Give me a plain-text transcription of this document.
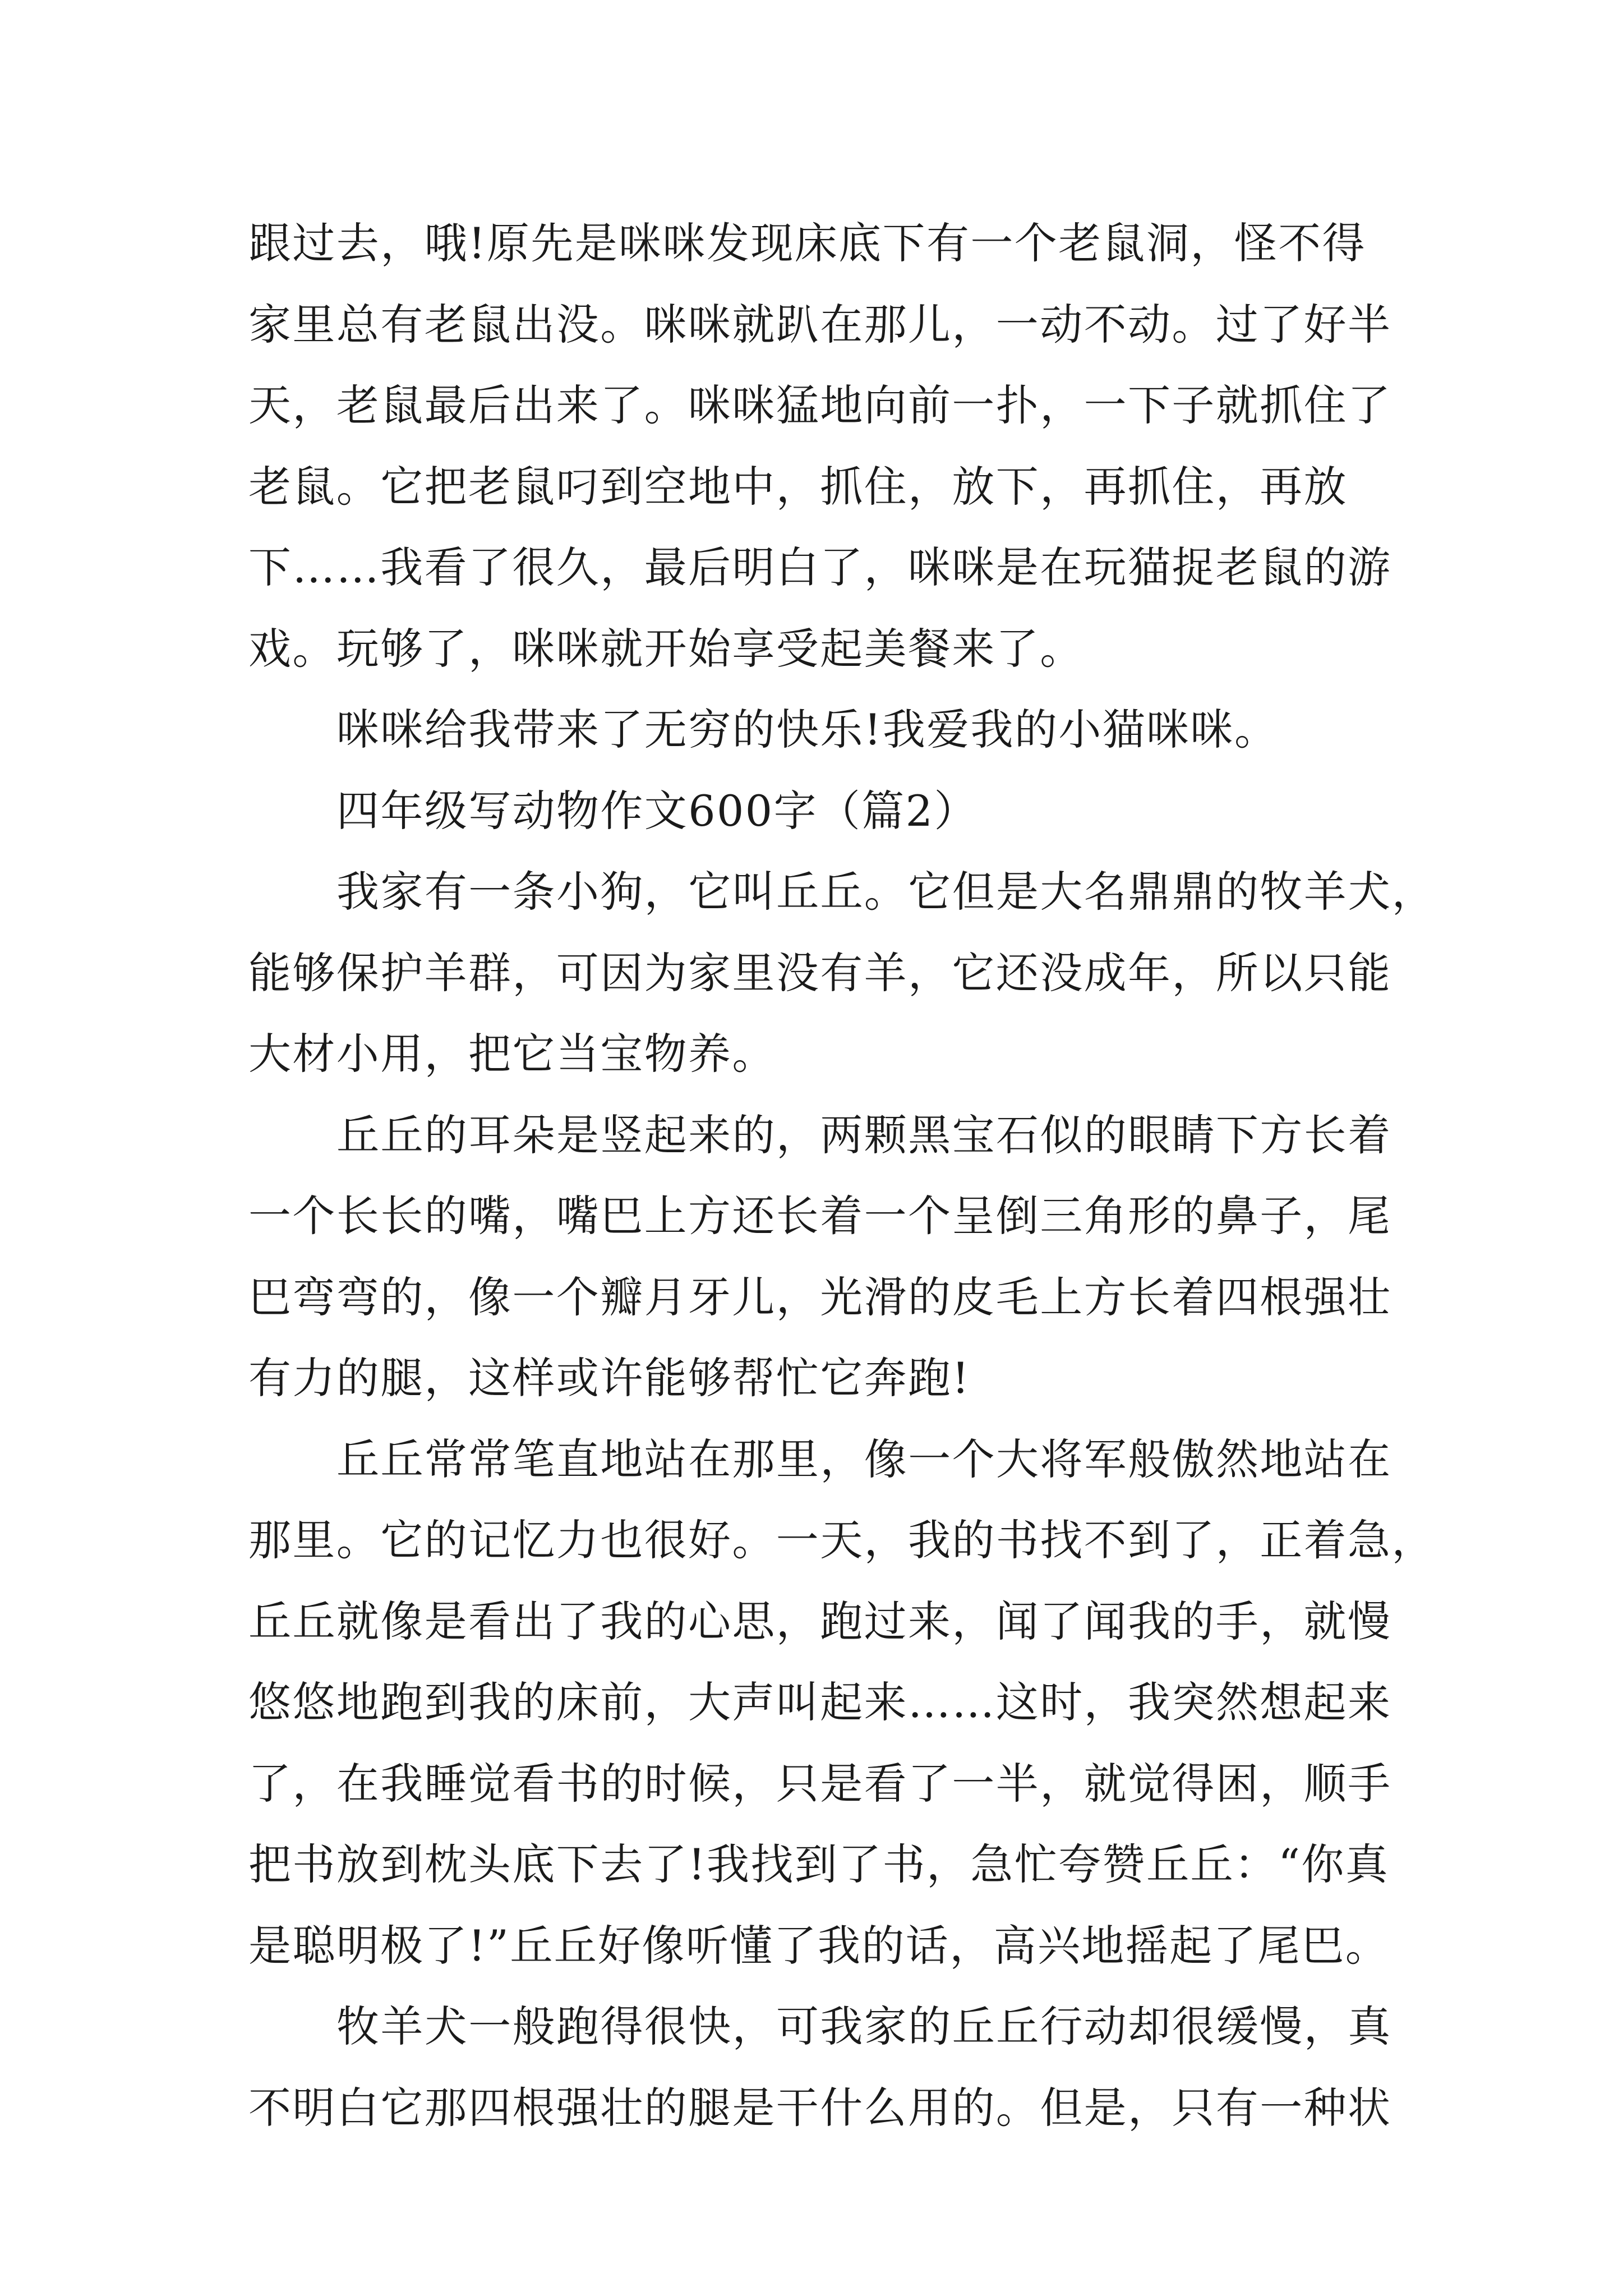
跟过去，哦!原先是咪咪发现床底下有一个老鼠洞，怪不得
家里总有老鼠出没。咪咪就趴在那儿，一动不动。过了好半
天，老鼠最后出来了。咪咪猛地向前一扑，一下子就抓住了
老鼠。它把老鼠叼到空地中，抓住，放下，再抓住，再放
下……我看了很久，最后明白了，咪咪是在玩猫捉老鼠的游
戏。玩够了，咪咪就开始享受起美餐来了。
咪咪给我带来了无穷的快乐!我爱我的小猫咪咪。
四年级写动物作文600字（篇2）
我家有一条小狗，它叫丘丘。它但是大名鼎鼎的牧羊犬，
能够保护羊群，可因为家里没有羊，它还没成年，所以只能
大材小用，把它当宝物养。
丘丘的耳朵是竖起来的，两颗黑宝石似的眼睛下方长着
一个长长的嘴，嘴巴上方还长着一个呈倒三角形的鼻子，尾
巴弯弯的，像一个瓣月牙儿，光滑的皮毛上方长着四根强壮
有力的腿，这样或许能够帮忙它奔跑!
丘丘常常笔直地站在那里，像一个大将军般傲然地站在
那里。它的记忆力也很好。一天，我的书找不到了，正着急，
丘丘就像是看出了我的心思，跑过来，闻了闻我的手，就慢
悠悠地跑到我的床前，大声叫起来……这时，我突然想起来
了，在我睡觉看书的时候，只是看了一半，就觉得困，顺手
把书放到枕头底下去了!我找到了书，急忙夸赞丘丘：“你真
是聪明极了!”丘丘好像听懂了我的话，高兴地摇起了尾巴。
牧羊犬一般跑得很快，可我家的丘丘行动却很缓慢，真
不明白它那四根强壮的腿是干什么用的。但是，只有一种状
